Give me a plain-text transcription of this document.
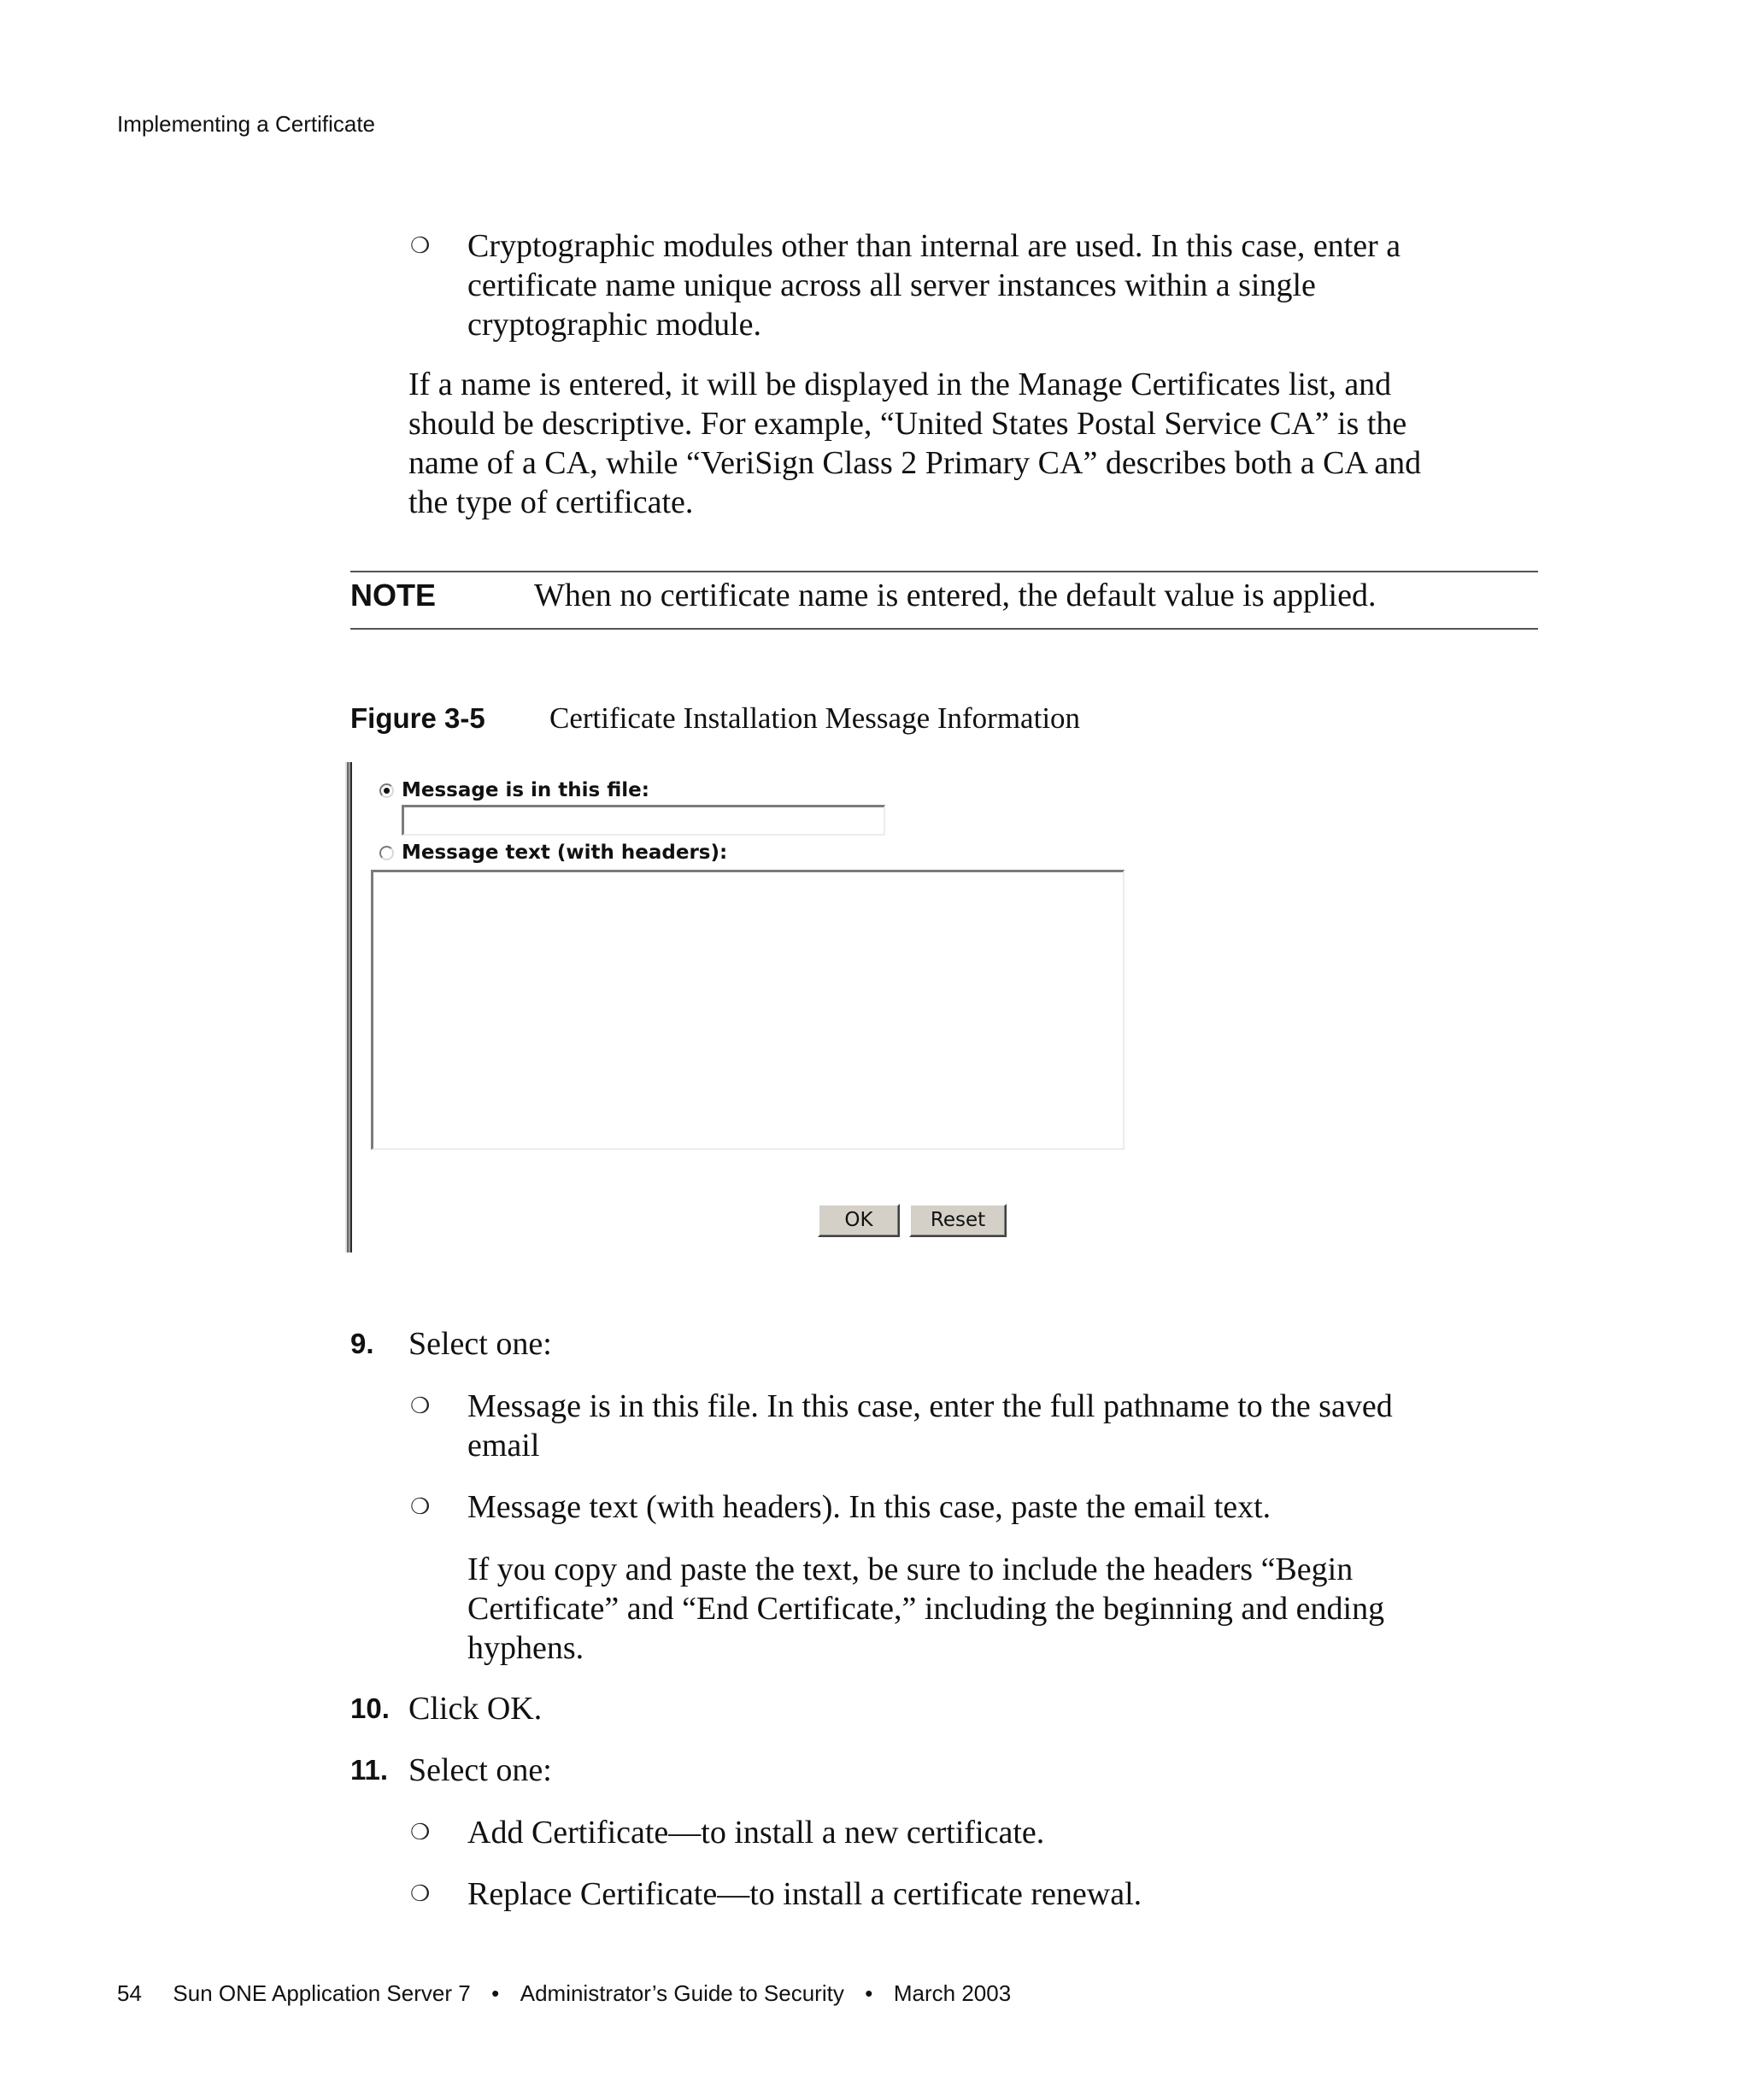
Implementing a Certificate
❍ Cryptographic modules other than internal are used. In this case, enter a
certificate name unique across all server instances within a single
cryptographic module.
If a name is entered, it will be displayed in the Manage Certificates list, and
should be descriptive. For example, “United States Postal Service CA” is the
name of a CA, while “VeriSign Class 2 Primary CA” describes both a CA and
the type of certificate.
NOTE	When no certificate name is entered, the default value is applied.
Figure 3-5 Certificate Installation Message Information
Message is in this file:
Message text (with headers):
OK	Reset
9. Select one:
❍ Message is in this file. In this case, enter the full pathname to the saved
email
❍ Message text (with headers). In this case, paste the email text.
If you copy and paste the text, be sure to include the headers “Begin
Certificate” and “End Certificate,” including the beginning and ending
hyphens.
10. Click OK.
11. Select one:
❍ Add Certificate—to install a new certificate.
❍ Replace Certificate—to install a certificate renewal.
54 Sun ONE Application Server 7 • Administrator’s Guide to Security • March 2003
